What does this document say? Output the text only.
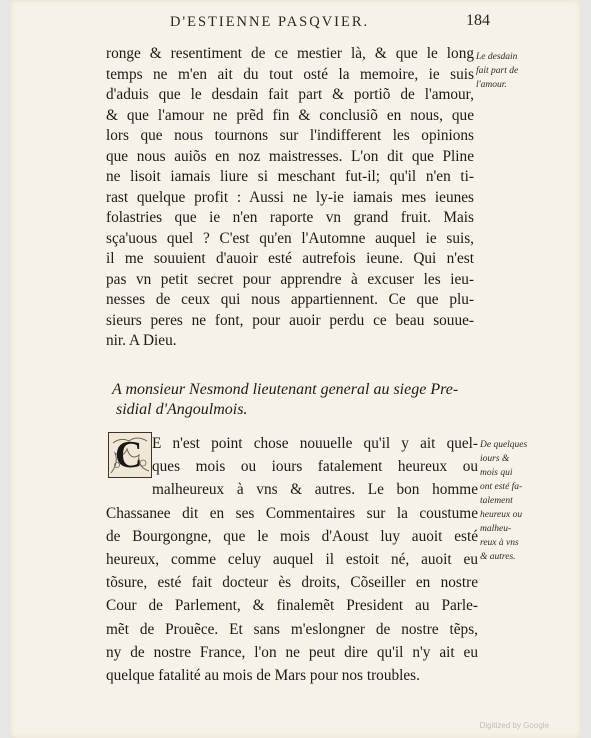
D'ESTIENNE PASQVIER.	184
ronge & resentiment de ce mestier là, & que le long
temps ne m'en ait du tout osté la memoire, ie suis
d'aduis que le desdain fait part & portiõ de l'amour,
& que l'amour ne prẽd fin & conclusiõ en nous, que
lors que nous tournons sur l'indifferent les opinions
que nous auiõs en noz maistresses. L'on dit que Pline
ne lisoit iamais liure si meschant fut-il; qu'il n'en ti-
rast quelque profit : Aussi ne ly-ie iamais mes ieunes
folastries que ie n'en raporte vn grand fruit. Mais
sça'uous quel ? C'est qu'en l'Automne auquel ie suis,
il me souuient d'auoir esté autrefois ieune. Qui n'est
pas vn petit secret pour apprendre à excuser les ieu-
nesses de ceux qui nous appartiennent. Ce que plu-
sieurs peres ne font, pour auoir perdu ce beau souue-
nir. A Dieu.
Le desdain
fait part de
l'amour.
A monsieur Nesmond lieutenant general au siege Pre-
sidial d'Angoulmois.
C E n'est point chose nouuelle qu'il y ait quel-
ques mois ou iours fatalement heureux ou
malheureux à vns & autres. Le bon homme
Chassanee dit en ses Commentaires sur la coustume
de Bourgongne, que le mois d'Aoust luy auoit esté
heureux, comme celuy auquel il estoit né, auoit eu
tõsure, esté fait docteur ès droits, Cõseiller en nostre
Cour de Parlement, & finalemẽt President au Parle-
mẽt de Prouẽce. Et sans m'eslongner de nostre tẽps,
ny de nostre France, l'on ne peut dire qu'il n'y ait eu
quelque fatalité au mois de Mars pour nos troubles.
De quelques
iours &
mois qui
ont esté fa-
talement
heureux ou
malheu-
reux à vns
& autres.
Digitized by Google
